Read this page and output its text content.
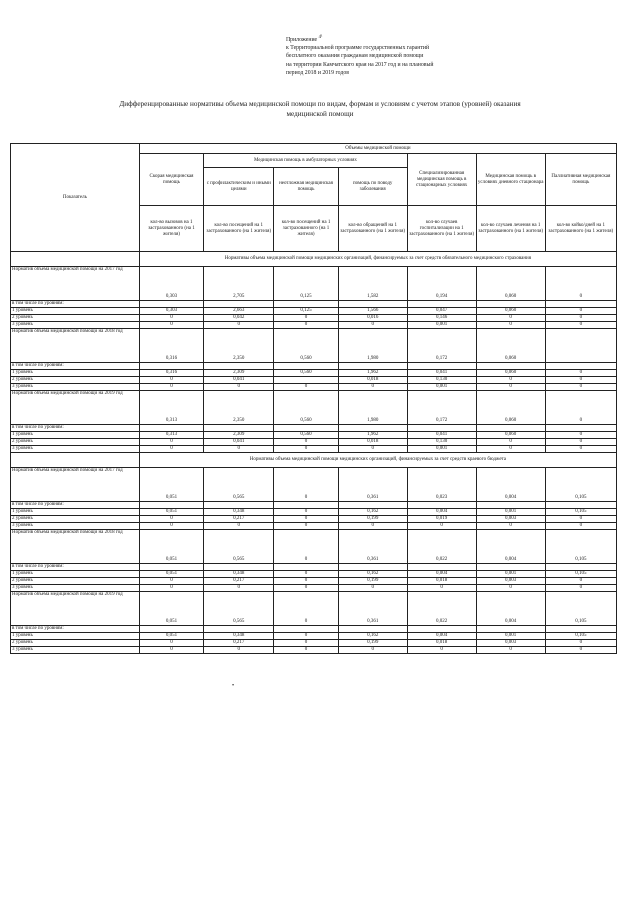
Приложение $^{4^1}$
к Территориальной программе государственных гарантий
бесплатного оказания гражданам медицинской помощи
на территории Камчатского края на 2017 год и на плановый
период 2018 и 2019 годов
Дифференцированные нормативы объема медицинской помощи по видам, формам и условиям с учетом этапов (уровней) оказания
медицинской помощи
Показатель	Объемы медицинской помощи						
	Скорая медицинская помощь	Медицинская помощь в амбулаторных условиях			Специализированная медицинская помощь в стационарных условиях	Медицинская помощь в условиях дневного стационара	Паллиативная медицинская помощь
		с профилактическим и иными целями	неотложная медицинская помощь	помощь по поводу заболевания			
	кол-во вызовов на 1 застрахованного (на 1 жителя)	кол-во посещений на 1 застрахованного (на 1 жителя)	кол-во посещений на 1 застрахованного (на 1 жителя)	кол-во обращений на 1 застрахованного (на 1 жителя)	кол-во случаев госпитализации на 1 застрахованного (на 1 жителя)	кол-во случаев лечения на 1 застрахованного (на 1 жителя)	кол-во койко/дней на 1 застрахованного (на 1 жителя)
	Нормативы объема медицинской помощи медицинских организаций, финансируемых за счет средств обязательного медицинского страхования						
Норматив объема медицинской помощи на 2017 год	0,303	2,705	0,125	1,582	0,194	0,060	0
в том числе по уровням:							
1 уровень	0,303	2,663	0,125	1,566	0,047	0,060	0
2 уровень	0	0,042	0	0,016	0,146	0	0
3 уровень	0	0	0	0	0,001	0	0
Норматив объема медицинской помощи на 2018 год	0,316	2,350	0,560	1,980	0,172	0,060	
в том числе по уровням:							
1 уровень	0,316	2,309	0,560	1,962	0,041	0,060	0
2 уровень	0	0,041		0,018	0,130	0	0
3 уровень	0	0	0	0	0,001	0	0
Норматив объема медицинской помощи на 2019 год	0,313	2,350	0,560	1,980	0,172	0,060	0
в том числе по уровням:							
1 уровень	0,313	2,309	0,560	1,962	0,041	0,060	0
2 уровень	0	0,041	0	0,018	0,130	0	0
3 уровень	0	0	0	0	0,001	0	0
	Нормативы объема медицинской помощи медицинских организаций, финансируемых за счет средств краевого бюджета						
Норматив объема медицинской помощи на 2017 год	0,051	0,565	0	0,361	0,023	0,004	0,105
в том числе по уровням:							
1 уровень	0,051	0,348	0	0,162	0,004	0,001	0,105
2 уровень	0	0,217	0	0,199	0,019	0,003	0
3 уровень	0	0	0	0	0	0	0
Норматив объема медицинской помощи на 2018 год	0,051	0,565	0	0,361	0,022	0,004	0,105
в том числе по уровням:							
1 уровень	0,051	0,348	0	0,162	0,004	0,001	0,105
2 уровень	0	0,217	0	0,199	0,018	0,003	0
3 уровень	0	0	0	0	0	0	0
Норматив объема медицинской помощи на 2019 год	0,051	0,565	0	0,361	0,022	0,004	0,105
в том числе по уровням:							
1 уровень	0,051	0,348	0	0,162	0,004	0,001	0,105
2 уровень	0	0,217	0	0,199	0,018	0,003	0
3 уровень	0	0	0	0	0	0	0
•
